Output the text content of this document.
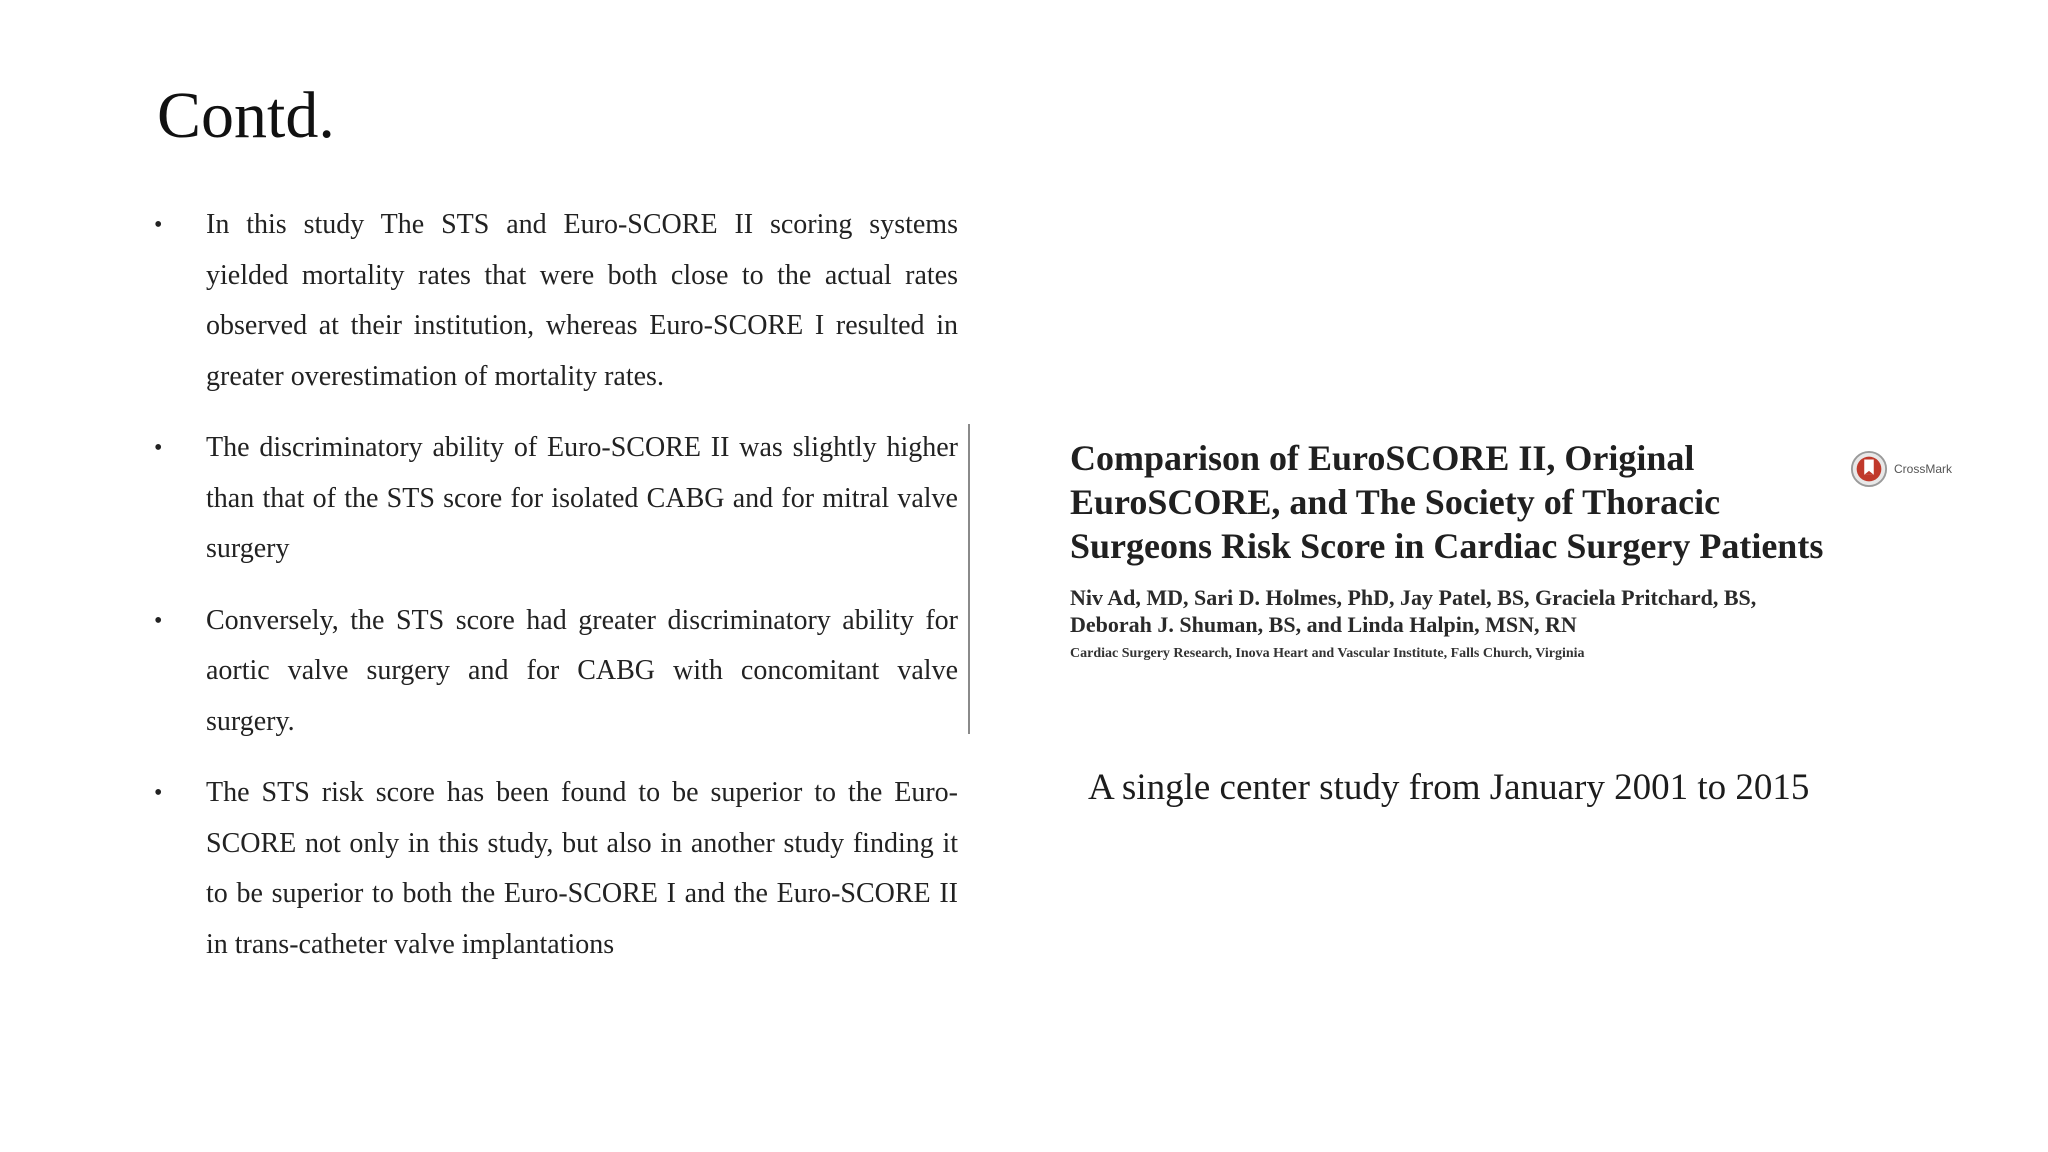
Contd.
• In this study The STS and Euro-SCORE II scoring systems yielded mortality rates that were both close to the actual rates observed at their institution, whereas Euro-SCORE I resulted in greater overestimation of mortality rates.
• The discriminatory ability of Euro-SCORE II was slightly higher than that of the STS score for isolated CABG and for mitral valve surgery
• Conversely, the STS score had greater discriminatory ability for aortic valve surgery and for CABG with concomitant valve surgery.
• The STS risk score has been found to be superior to the Euro-SCORE not only in this study, but also in another study finding it to be superior to both the Euro-SCORE I and the Euro-SCORE II in trans-catheter valve implantations
Comparison of EuroSCORE II, Original EuroSCORE, and The Society of Thoracic Surgeons Risk Score in Cardiac Surgery Patients
Niv Ad, MD, Sari D. Holmes, PhD, Jay Patel, BS, Graciela Pritchard, BS, Deborah J. Shuman, BS, and Linda Halpin, MSN, RN
Cardiac Surgery Research, Inova Heart and Vascular Institute, Falls Church, Virginia
CrossMark

A single center study from January 2001 to 2015
